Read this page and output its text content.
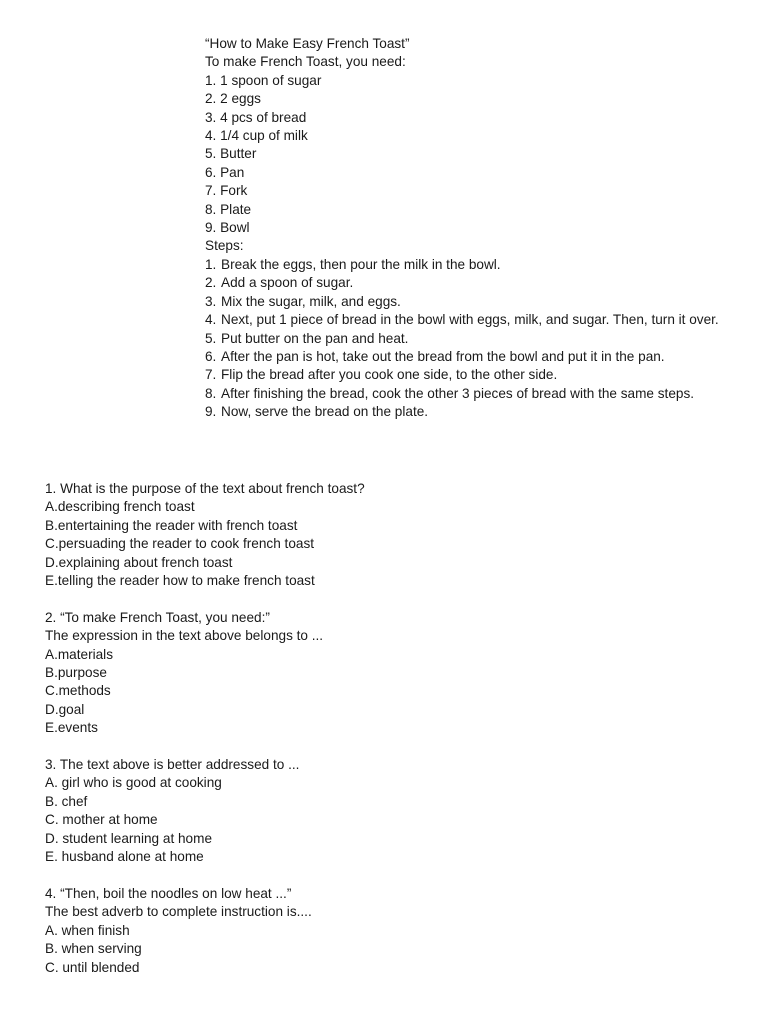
“How to Make Easy French Toast”

To make French Toast, you need:

1. 1 spoon of sugar

2. 2 eggs

3. 4 pcs of bread

4. 1/4 cup of milk

5. Butter

6. Pan

7. Fork

8. Plate

9. Bowl

Steps:

1. Break the eggs, then pour the milk in the bowl.
2. Add a spoon of sugar.
3. Mix the sugar, milk, and eggs.
4. Next, put 1 piece of bread in the bowl with eggs, milk, and sugar. Then, turn it over.
5. Put butter on the pan and heat.
6. After the pan is hot, take out the bread from the bowl and put it in the pan.
7. Flip the bread after you cook one side, to the other side.
8. After finishing the bread, cook the other 3 pieces of bread with the same steps.
9. Now, serve the bread on the plate.

1. What is the purpose of the text about french toast?

A.describing french toast

B.entertaining the reader with french toast

C.persuading the reader to cook french toast

D.explaining about french toast

E.telling the reader how to make french toast

2. “To make French Toast, you need:”

The expression in the text above belongs to ...

A.materials

B.purpose

C.methods

D.goal

E.events

3. The text above is better addressed to ...

A. girl who is good at cooking

B. chef

C. mother at home

D. student learning at home

E. husband alone at home

4. “Then, boil the noodles on low heat ...”

The best adverb to complete instruction is....

A. when finish

B. when serving

C. until blended
